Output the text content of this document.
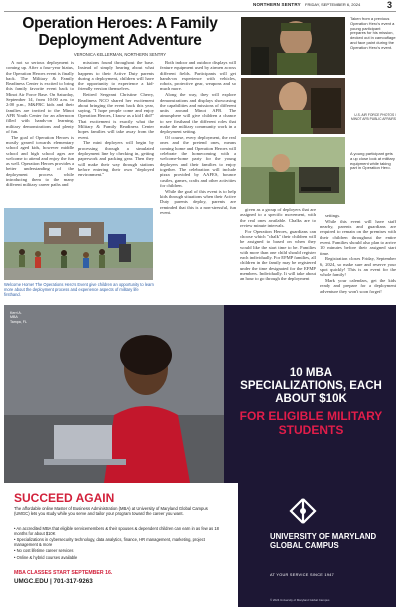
NORTHERN SENTRY FRIDAY, SEPTEMBER 6, 2024	3
Operation Heroes: A Family Deployment Adventure
VERONICA KELLERMAN, NORTHERN SENTRY

A not so serious deployment is coming up. After a four-year hiatus, the Operation Heroes event is finally back. The Military & Family Readiness Center is excited to bring this family favorite event back to Minot Air Force Base. On Saturday, September 14, from 10:00 a.m. to 2:00 p.m., M&FRC kids and their families are invited to the Minot AFB Youth Center for an afternoon filled with hands-on learning, military demonstrations and plenty of fun.

The goal of Operation Heroes is mostly geared towards elementary school aged kids, however middle school and high school ages are welcome to attend and enjoy the fun as well. Operation Heroes provides a better understanding of the deployment process while introducing them to the many different military career paths and

missions found throughout the base. Instead of simply hearing about what happens to their Active Duty parents during a deployment, children will have the opportunity to experience a kid-friendly version themselves.

Retired Sergeant Christine Cherry, Readiness NCO shared her excitement about bringing the event back this year, saying, "I hope people come and enjoy Operation Heroes, I know as a kid I did!" That excitement is exactly what the Military & Family Readiness Center hopes families will take away from the event.

The mini deployers will begin by processing through a simulated deployment line by checking in, getting paperwork and packing gear. Then they will make their way through stations before entering their own "deployed environment."

Both indoor and outdoor displays will feature equipment used by airmen across different fields. Participants will get hands-on experience with vehicles, robots, protective gear, weapons and so much more.

Along the way, they will explore demonstrations and displays showcasing the capabilities and missions of different units around Minot AFB. The atmosphere will give children a chance to see firsthand the different roles that make the military community work in a deployment setting.

Of course, every deployment, the real ones and the pretend ones, means coming home and Operation Heroes will celebrate the homecoming with a welcome-home party for the young deployers and their families to enjoy together. The celebration will include pizza provided by AAFES, bounce castles, games, crafts and other activities for children.

While the goal of this event is to help kids through situations when their Active Duty parents deploy, parents are reminded that this is a non-stressful, fun event.

given as a group of deployers that are assigned to a specific movement, with the real ones available. Chalks are to review minute intervals.

For Operation Heroes, guardians can choose which "chalk" their children will be assigned to based on when they would like the start time to be. Families with more than one child should register each individually. For EFMP families, all children in the family may be registered under the time designated for the EFMP members. Individually. It will take about an hour to go through the deployment

settings.

While this event will have staff nearby, parents and guardians are required to remain on the premises with their children throughout the entire event. Families should also plan to arrive 10 minutes before their assigned start time.

Registration closes Friday, September 6, 2024, so make sure and reserve your spot quickly! This is an event for the whole family!

Mark your calendars, get the kids ready and prepare for a deployment adventure they won't soon forget!

Welcome Home! The Operations Hero's Event give children an opportunity to learn more about the deployment process and experience aspects of military life firsthand.
Taken from a previous Operation Hero's event a young participant prepares for his mission, decked out in camouflage and face paint during the Operation Hero's event.
U.S. AIR FORCE PHOTOS / MINOT AFB PUBLIC AFFAIRS
A young participant gets a up close look at military equipment while taking part in Operation Hero.
Kerri A.
MBA
Tampa, FL
10 MBA SPECIALIZATIONS, EACH ABOUT $10K
FOR ELIGIBLE MILITARY STUDENTS
SUCCEED AGAIN
The affordable online Master of Business Administration (MBA) at University of Maryland Global Campus (UMGC) lets you study while you serve and tailor your program toward the career you want.
• An accredited MBA that eligible servicemembers & their spouses & dependent children can earn in as few as 18 months for about $10K
• Specializations in cybersecurity technology, data analytics, finance, HR management, marketing, project management & more
• No cost lifetime career services
• Online & hybrid courses available
MBA CLASSES START SEPTEMBER 16.
UMGC.EDU | 701-317-9263
UNIVERSITY OF MARYLAND GLOBAL CAMPUS
AT YOUR SERVICE SINCE 1947
© 2024 University of Maryland Global Campus
